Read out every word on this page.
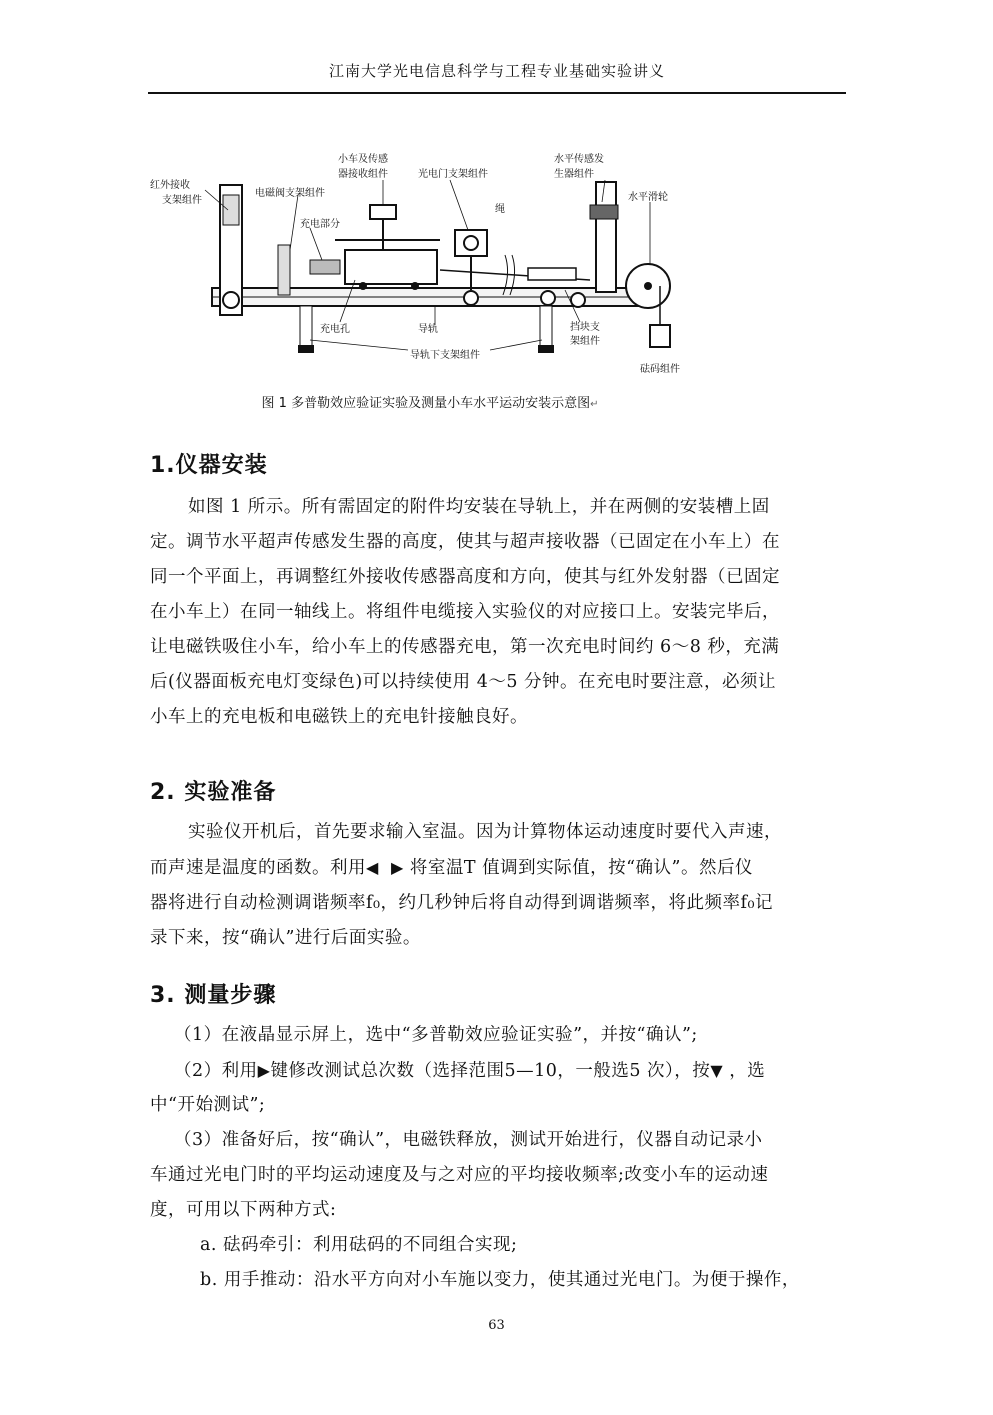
江南大学光电信息科学与工程专业基础实验讲义
红外接收
支架组件
小车及传感
器接收组件	光电门支架组件
水平传感发
生器组件
水平滑轮
电磁阀支架组件
充电部分
绳
充电孔	导轨	挡块支
架组件
导轨下支架组件
砝码组件
图 1 多普勒效应验证实验及测量小车水平运动安装示意图↵
1.仪器安装
如图 1 所示。所有需固定的附件均安装在导轨上，并在两侧的安装槽上固
定。调节水平超声传感发生器的高度，使其与超声接收器（已固定在小车上）在
同一个平面上，再调整红外接收传感器高度和方向，使其与红外发射器（已固定
在小车上）在同一轴线上。将组件电缆接入实验仪的对应接口上。安装完毕后，
让电磁铁吸住小车，给小车上的传感器充电，第一次充电时间约 6～8 秒，充满
后(仪器面板充电灯变绿色)可以持续使用 4～5 分钟。在充电时要注意，必须让
小车上的充电板和电磁铁上的充电针接触良好。
2. 实验准备
实验仪开机后，首先要求输入室温。因为计算物体运动速度时要代入声速，
而声速是温度的函数。利用◀ ▶ 将室温T 值调到实际值，按“确认”。然后仪
器将进行自动检测调谐频率f₀，约几秒钟后将自动得到调谐频率，将此频率f₀记
录下来，按“确认”进行后面实验。
3. 测量步骤
（1）在液晶显示屏上，选中“多普勒效应验证实验”，并按“确认”;
（2）利用▶键修改测试总次数（选择范围5—10，一般选5 次），按▼ ，选
中“开始测试”;
（3）准备好后，按“确认”，电磁铁释放，测试开始进行，仪器自动记录小
车通过光电门时的平均运动速度及与之对应的平均接收频率;改变小车的运动速
度，可用以下两种方式:
a. 砝码牵引：利用砝码的不同组合实现;
b. 用手推动：沿水平方向对小车施以变力，使其通过光电门。为便于操作，
63
